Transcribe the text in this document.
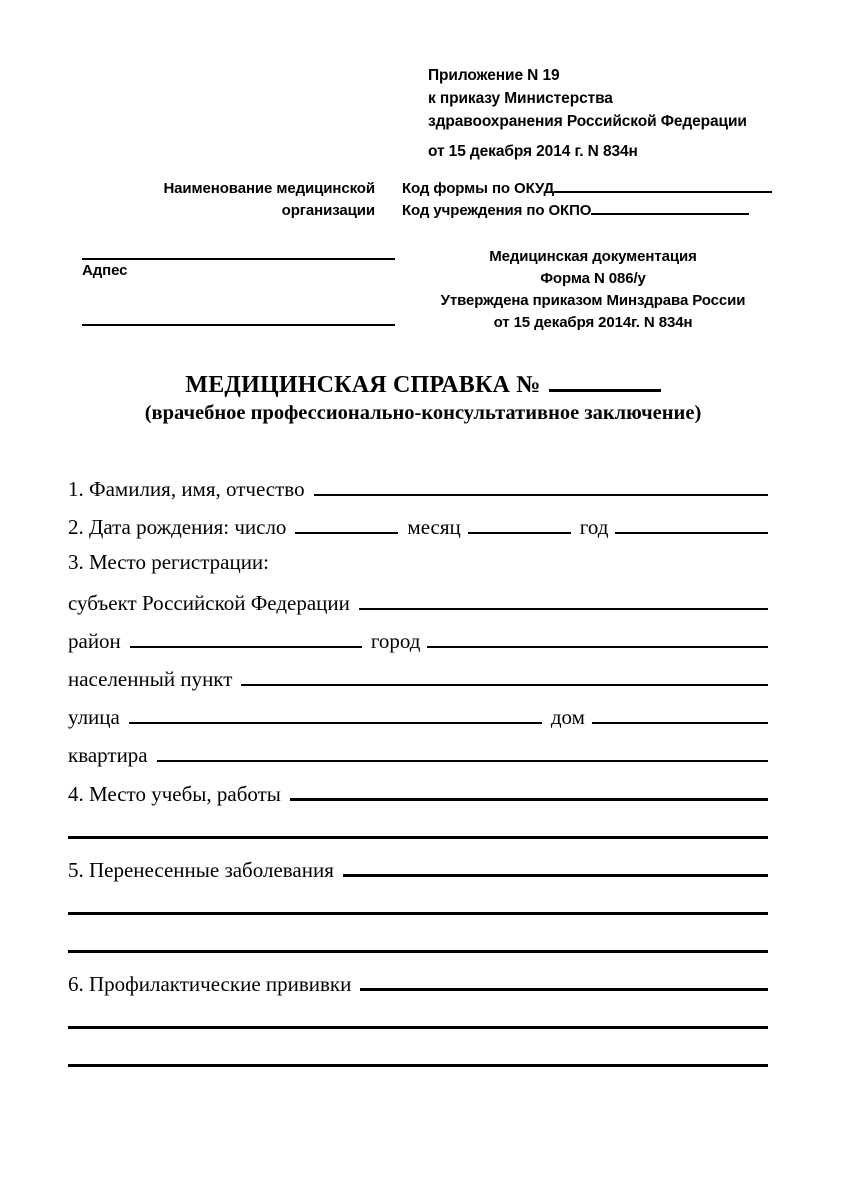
Приложение N 19
к приказу Министерства
здравоохранения Российской Федерации
от 15 декабря 2014 г. N 834н
Наименование медицинской
организации
Код формы по ОКУД
Код учреждения по ОКПО
Адпес
Медицинская документация
Форма N 086/у
Утверждена приказом Минздрава России
от 15 декабря 2014г. N 834н
МЕДИЦИНСКАЯ СПРАВКА №
(врачебное профессионально-консультативное заключение)
1. Фамилия, имя, отчество
2. Дата рождения: число	месяц	год
3. Место регистрации:
субъект Российской Федерации
район	город
населенный пункт
улица	дом
квартира
4. Место учебы, работы
5. Перенесенные заболевания
6. Профилактические прививки
